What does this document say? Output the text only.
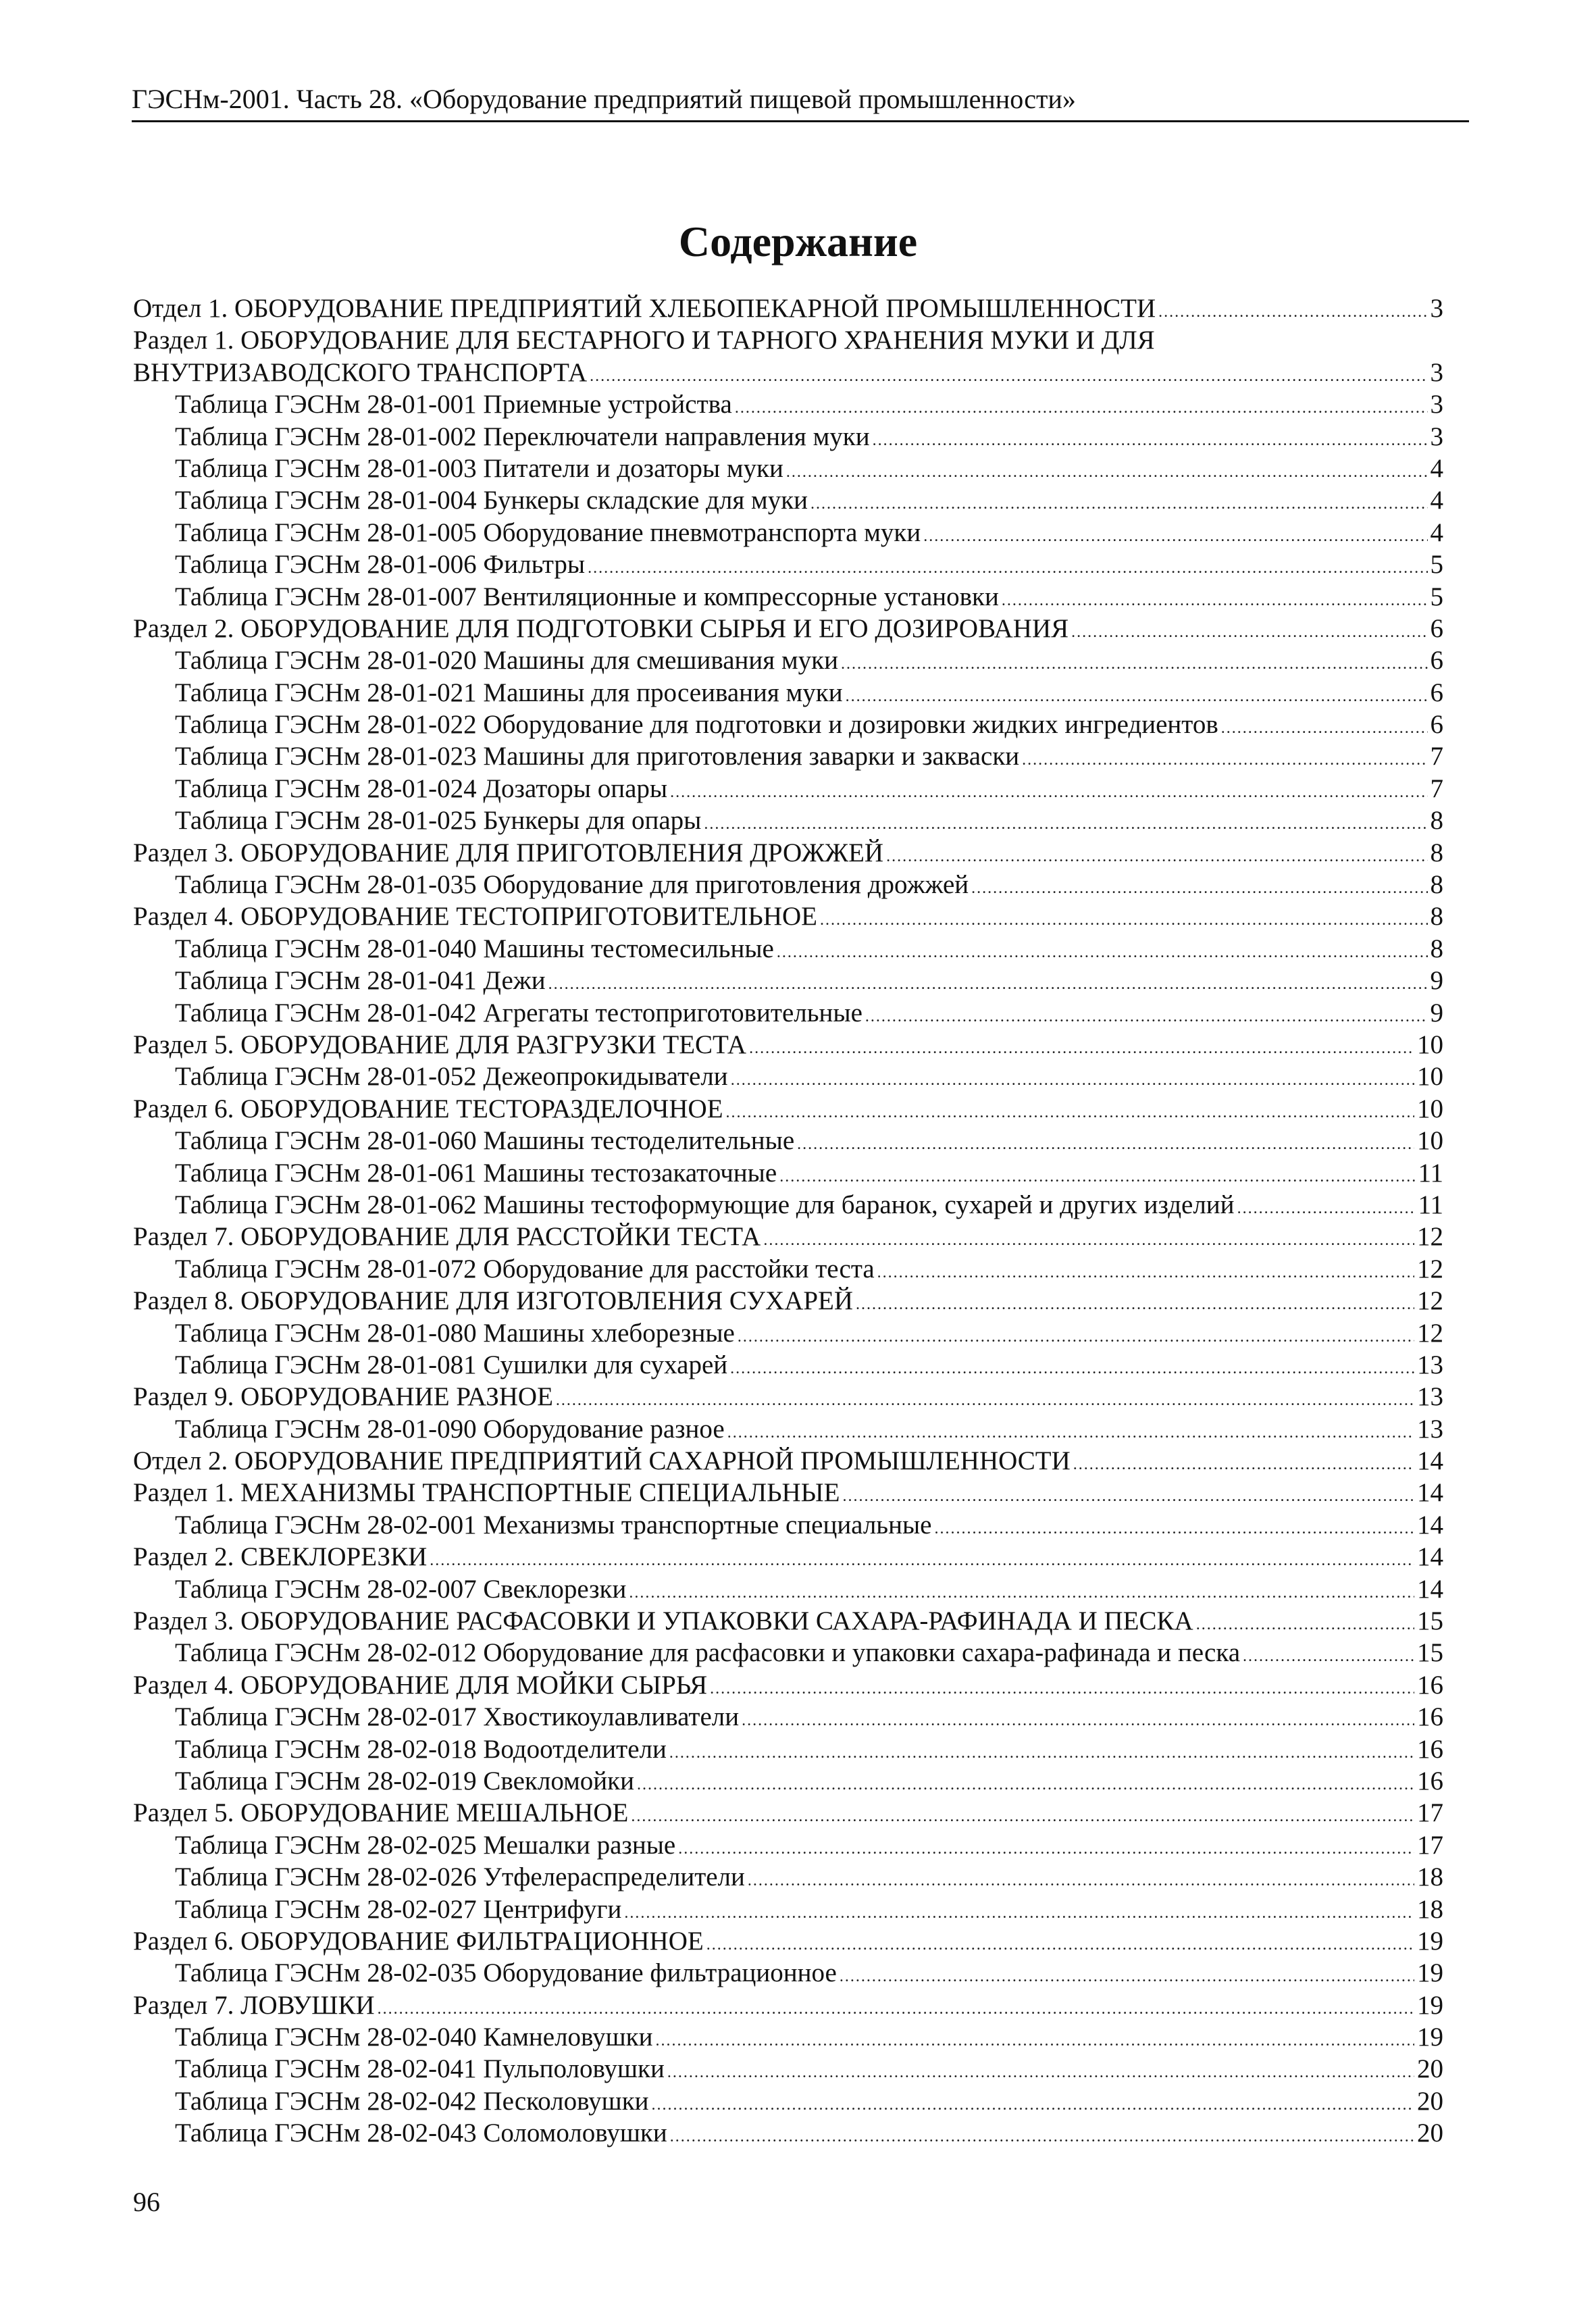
ГЭСНм-2001. Часть 28. «Оборудование предприятий пищевой промышленности»
Содержание
Отдел 1. ОБОРУДОВАНИЕ ПРЕДПРИЯТИЙ ХЛЕБОПЕКАРНОЙ ПРОМЫШЛЕННОСТИ .....	3
Раздел 1. ОБОРУДОВАНИЕ ДЛЯ БЕСТАРНОГО И ТАРНОГО ХРАНЕНИЯ МУКИ И ДЛЯ
ВНУТРИЗАВОДСКОГО ТРАНСПОРТА .....	3
Таблица ГЭСНм 28-01-001 Приемные устройства .....	3
Таблица ГЭСНм 28-01-002 Переключатели направления муки .....	3
Таблица ГЭСНм 28-01-003 Питатели и дозаторы муки .....	4
Таблица ГЭСНм 28-01-004 Бункеры складские для муки .....	4
Таблица ГЭСНм 28-01-005 Оборудование пневмотранспорта муки .....	4
Таблица ГЭСНм 28-01-006 Фильтры .....	5
Таблица ГЭСНм 28-01-007 Вентиляционные и компрессорные установки .....	5
Раздел 2. ОБОРУДОВАНИЕ ДЛЯ ПОДГОТОВКИ СЫРЬЯ И ЕГО ДОЗИРОВАНИЯ .....	6
Таблица ГЭСНм 28-01-020 Машины для смешивания муки .....	6
Таблица ГЭСНм 28-01-021 Машины для просеивания муки .....	6
Таблица ГЭСНм 28-01-022 Оборудование для подготовки и дозировки жидких ингредиентов .....	6
Таблица ГЭСНм 28-01-023 Машины для приготовления заварки и закваски .....	7
Таблица ГЭСНм 28-01-024 Дозаторы опары .....	7
Таблица ГЭСНм 28-01-025 Бункеры для опары .....	8
Раздел 3. ОБОРУДОВАНИЕ ДЛЯ ПРИГОТОВЛЕНИЯ ДРОЖЖЕЙ .....	8
Таблица ГЭСНм 28-01-035 Оборудование для приготовления дрожжей .....	8
Раздел 4. ОБОРУДОВАНИЕ ТЕСТОПРИГОТОВИТЕЛЬНОЕ .....	8
Таблица ГЭСНм 28-01-040 Машины тестомесильные .....	8
Таблица ГЭСНм 28-01-041 Дежи .....	9
Таблица ГЭСНм 28-01-042 Агрегаты тестоприготовительные .....	9
Раздел 5. ОБОРУДОВАНИЕ ДЛЯ РАЗГРУЗКИ ТЕСТА .....	10
Таблица ГЭСНм 28-01-052 Дежеопрокидыватели .....	10
Раздел 6. ОБОРУДОВАНИЕ ТЕСТОРАЗДЕЛОЧНОЕ .....	10
Таблица ГЭСНм 28-01-060 Машины тестоделительные .....	10
Таблица ГЭСНм 28-01-061 Машины тестозакаточные .....	11
Таблица ГЭСНм 28-01-062 Машины тестоформующие для баранок, сухарей и других изделий .....	11
Раздел 7. ОБОРУДОВАНИЕ ДЛЯ РАССТОЙКИ ТЕСТА .....	12
Таблица ГЭСНм 28-01-072 Оборудование для расстойки теста .....	12
Раздел 8. ОБОРУДОВАНИЕ ДЛЯ ИЗГОТОВЛЕНИЯ СУХАРЕЙ .....	12
Таблица ГЭСНм 28-01-080 Машины хлеборезные .....	12
Таблица ГЭСНм 28-01-081 Сушилки для сухарей .....	13
Раздел 9. ОБОРУДОВАНИЕ РАЗНОЕ .....	13
Таблица ГЭСНм 28-01-090 Оборудование разное .....	13
Отдел 2. ОБОРУДОВАНИЕ ПРЕДПРИЯТИЙ САХАРНОЙ ПРОМЫШЛЕННОСТИ .....	14
Раздел 1. МЕХАНИЗМЫ ТРАНСПОРТНЫЕ СПЕЦИАЛЬНЫЕ .....	14
Таблица ГЭСНм 28-02-001 Механизмы транспортные специальные .....	14
Раздел 2. СВЕКЛОРЕЗКИ .....	14
Таблица ГЭСНм 28-02-007 Свеклорезки .....	14
Раздел 3. ОБОРУДОВАНИЕ РАСФАСОВКИ И УПАКОВКИ САХАРА-РАФИНАДА И ПЕСКА .....	15
Таблица ГЭСНм 28-02-012 Оборудование для расфасовки и упаковки сахара-рафинада и песка .....	15
Раздел 4. ОБОРУДОВАНИЕ ДЛЯ МОЙКИ СЫРЬЯ .....	16
Таблица ГЭСНм 28-02-017 Хвостикоулавливатели .....	16
Таблица ГЭСНм 28-02-018 Водоотделители .....	16
Таблица ГЭСНм 28-02-019 Свекломойки .....	16
Раздел 5. ОБОРУДОВАНИЕ МЕШАЛЬНОЕ .....	17
Таблица ГЭСНм 28-02-025 Мешалки разные .....	17
Таблица ГЭСНм 28-02-026 Утфелераспределители .....	18
Таблица ГЭСНм 28-02-027 Центрифуги .....	18
Раздел 6. ОБОРУДОВАНИЕ ФИЛЬТРАЦИОННОЕ .....	19
Таблица ГЭСНм 28-02-035 Оборудование фильтрационное .....	19
Раздел 7. ЛОВУШКИ .....	19
Таблица ГЭСНм 28-02-040 Камнеловушки .....	19
Таблица ГЭСНм 28-02-041 Пульполовушки .....	20
Таблица ГЭСНм 28-02-042 Песколовушки .....	20
Таблица ГЭСНм 28-02-043 Соломоловушки .....	20
96
